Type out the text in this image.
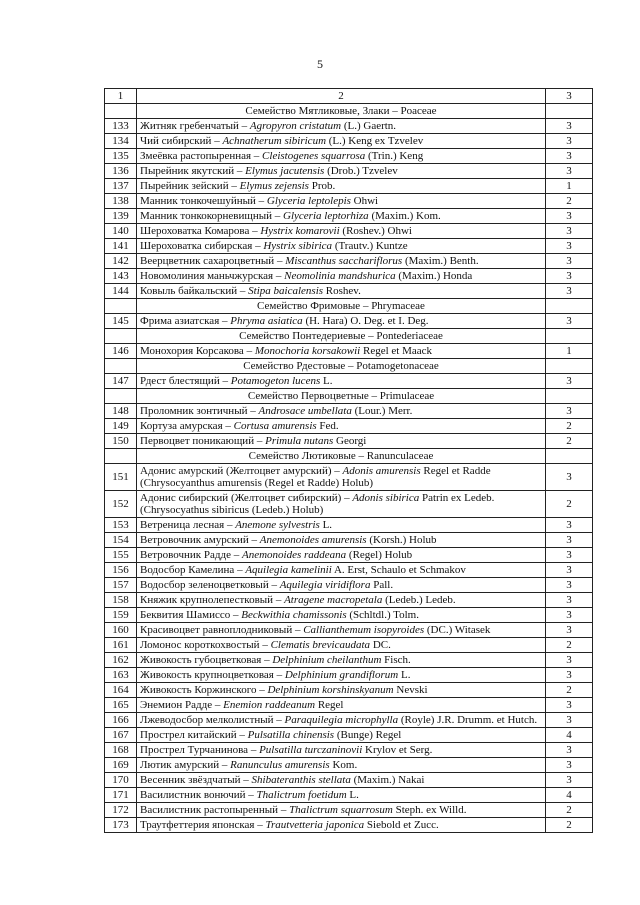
5
1	2	3
	Семейство Мятликовые, Злаки – Poaceae	
133	Житняк гребенчатый – Agropyron cristatum (L.) Gaertn.	3
134	Чий сибирский – Achnatherum sibiricum (L.) Keng ex Tzvelev	3
135	Змеёвка растопыренная – Cleistogenes squarrosa (Trin.) Keng	3
136	Пырейник якутский – Elymus jacutensis (Drob.) Tzvelev	3
137	Пырейник зейский – Elymus zejensis Prob.	1
138	Манник тонкочешуйный – Glyceria leptolepis Ohwi	2
139	Манник тонкокорневищный – Glyceria leptorhiza (Maxim.) Kom.	3
140	Шероховатка Комарова – Hystrix komarovii (Roshev.) Ohwi	3
141	Шероховатка сибирская – Hystrix sibirica (Trautv.) Kuntze	3
142	Веерцветник сахароцветный – Miscanthus sacchariflorus (Maxim.) Benth.	3
143	Новомолиния маньчжурская – Neomolinia mandshurica (Maxim.) Honda	3
144	Ковыль байкальский – Stipa baicalensis Roshev.	3
	Семейство Фримовые – Phrymaceae	
145	Фрима азиатская – Phryma asiatica (H. Hara) O. Deg. et I. Deg.	3
	Семейство Понтедериевые – Pontederiaceae	
146	Монохория Корсакова – Monochoria korsakowii Regel et Maack	1
	Семейство Рдестовые – Potamogetonaceae	
147	Рдест блестящий – Potamogeton lucens L.	3
	Семейство Первоцветные – Primulaceae	
148	Проломник зонтичный – Androsace umbellata (Lour.) Merr.	3
149	Кортуза амурская – Cortusa amurensis Fed.	2
150	Первоцвет поникающий – Primula nutans Georgi	2
	Семейство Лютиковые – Ranunculaceae	
151	Адонис амурский (Желтоцвет амурский) – Adonis amurensis Regel et Radde (Chrysocyanthus amurensis (Regel et Radde) Holub)	3
152	Адонис сибирский (Желтоцвет сибирский) – Adonis sibirica Patrin ex Ledeb. (Chrysocyathus sibiricus (Ledeb.) Holub)	2
153	Ветреница лесная – Anemone sylvestris L.	3
154	Ветровочник амурский – Anemonoides amurensis (Korsh.) Holub	3
155	Ветровочник Радде – Anemonoides raddeana (Regel) Holub	3
156	Водосбор Камелина – Aquilegia kamelinii A. Erst, Schaulo et Schmakov	3
157	Водосбор зеленоцветковый – Aquilegia viridiflora Pall.	3
158	Княжик крупнолепестковый – Atragene macropetala (Ledeb.) Ledeb.	3
159	Беквития Шамиссо – Beckwithia chamissonis (Schltdl.) Tolm.	3
160	Красивоцвет равноплодниковый – Callianthemum isopyroides (DC.) Witasek	3
161	Ломонос короткохвостый – Clematis brevicaudata DC.	2
162	Живокость губоцветковая – Delphinium cheilanthum Fisch.	3
163	Живокость крупноцветковая – Delphinium grandiflorum L.	3
164	Живокость Коржинского – Delphinium korshinskyanum Nevski	2
165	Энемион Радде – Enemion raddeanum Regel	3
166	Лжеводосбор мелколистный – Paraquilegia microphylla (Royle) J.R. Drumm. et Hutch.	3
167	Прострел китайский – Pulsatilla chinensis (Bunge) Regel	4
168	Прострел Турчанинова – Pulsatilla turczaninovii Krylov et Serg.	3
169	Лютик амурский – Ranunculus amurensis Kom.	3
170	Весенник звёздчатый – Shibateranthis stellata (Maxim.) Nakai	3
171	Василистник вонючий – Thalictrum foetidum L.	4
172	Василистник растопыренный – Thalictrum squarrosum Steph. ex Willd.	2
173	Траутфеттерия японская – Trautvetteria japonica Siebold et Zucc.	2
